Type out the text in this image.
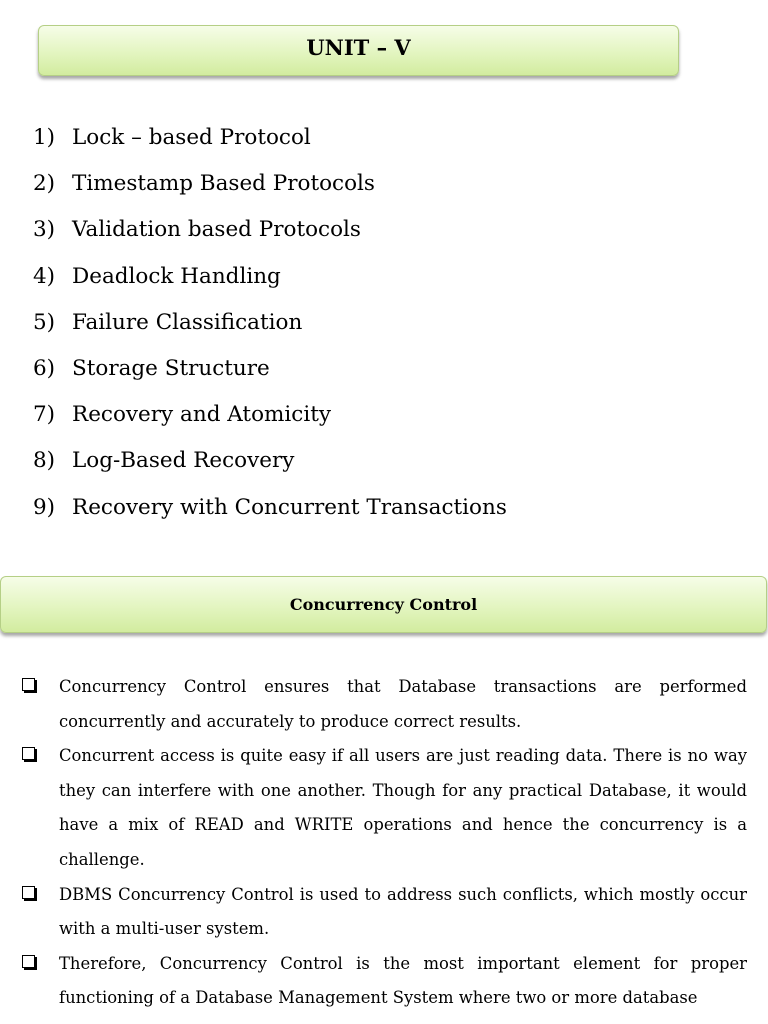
UNIT – V
1) Lock – based Protocol
2) Timestamp Based Protocols
3) Validation based Protocols
4) Deadlock Handling
5) Failure Classification
6) Storage Structure
7) Recovery and Atomicity
8) Log-Based Recovery
9) Recovery with Concurrent Transactions
Concurrency Control
Concurrency Control ensures that Database transactions are performed concurrently and accurately to produce correct results.
Concurrent access is quite easy if all users are just reading data. There is no way they can interfere with one another. Though for any practical Database, it would have a mix of READ and WRITE operations and hence the concurrency is a challenge.
DBMS Concurrency Control is used to address such conflicts, which mostly occur with a multi-user system.
Therefore, Concurrency Control is the most important element for proper functioning of a Database Management System where two or more database
